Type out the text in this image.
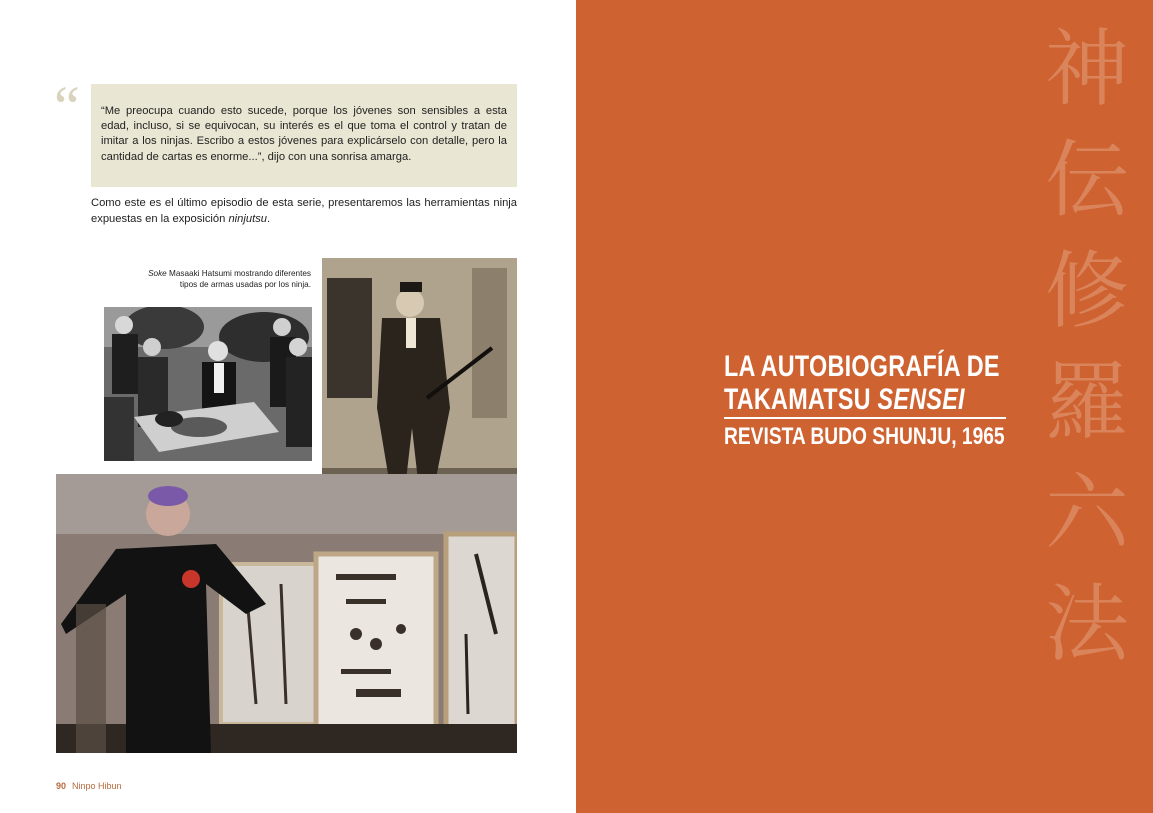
“ “Me preocupa cuando esto sucede, porque los jóvenes son sensibles a esta edad, incluso, si se equivocan, su interés es el que toma el control y tratan de imitar a los ninjas. Escribo a estos jóvenes para explicárselo con detalle, pero la cantidad de cartas es enorme...”, dijo con una sonrisa amarga.

Como este es el último episodio de esta serie, presentaremos las herramientas ninja expuestas en la exposición ninjutsu.

Soke Masaaki Hatsumi mostrando diferentes tipos de armas usadas por los ninja.
90 Ninpo Hibun
神
伝
修
羅
六
法
LA AUTOBIOGRAFÍA DE
TAKAMATSU SENSEI
REVISTA BUDO SHUNJU, 1965
